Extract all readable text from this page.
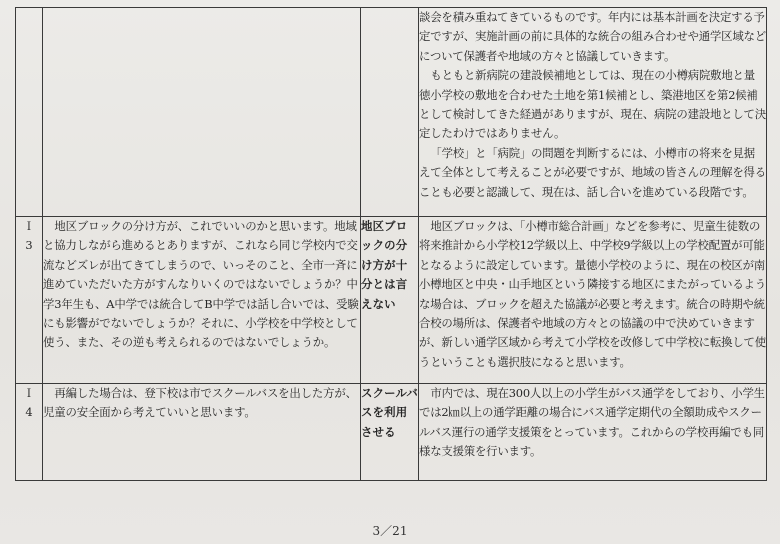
			談会を積み重ねてきているものです。年内には基本計画を決定する予定ですが、実施計画の前に具体的な統合の組み合わせや通学区域などについて保護者や地域の方々と協議していきます。

もともと新病院の建設候補地としては、現在の小樽病院敷地と量徳小学校の敷地を合わせた土地を第1候補とし、築港地区を第2候補として検討してきた経過がありますが、現在、病院の建設地として決定したわけではありません。

「学校」と「病院」の問題を判断するには、小樽市の将来を見据えて全体として考えることが必要ですが、地域の皆さんの理解を得ることも必要と認識して、現在は、話し合いを進めている段階です。

Ｉ
3	地区ブロックの分け方が、これでいいのかと思います。地域と協力しながら進めるとありますが、これなら同じ学校内で交流などズレが出てきてしまうので、いっそのこと、全市一斉に進めていただいた方がすんなりいくのではないでしょうか？中学3年生も、A中学では統合してB中学では話し合いでは、受験にも影響がでないでしょうか？それに、小学校を中学校として使う、また、その逆も考えられるのではないでしょうか。	地区ブロックの分け方が十分とは言えない	地区ブロックは、「小樽市総合計画」などを参考に、児童生徒数の将来推計から小学校12学級以上、中学校9学級以上の学校配置が可能となるように設定しています。量徳小学校のように、現在の校区が南小樽地区と中央・山手地区という隣接する地区にまたがっているような場合は、ブロックを超えた協議が必要と考えます。統合の時期や統合校の場所は、保護者や地域の方々との協議の中で決めていきますが、新しい通学区域から考えて小学校を改修して中学校に転換して使うということも選択肢になると思います。

Ｉ
4	再編した場合は、登下校は市でスクールバスを出した方が、児童の安全面から考えていいと思います。	スクールバスを利用させる	市内では、現在300人以上の小学生がバス通学をしており、小学生では2㎞以上の通学距離の場合にバス通学定期代の全額助成やスクールバス運行の通学支援策をとっています。これからの学校再編でも同様な支援策を行います。

3／21
